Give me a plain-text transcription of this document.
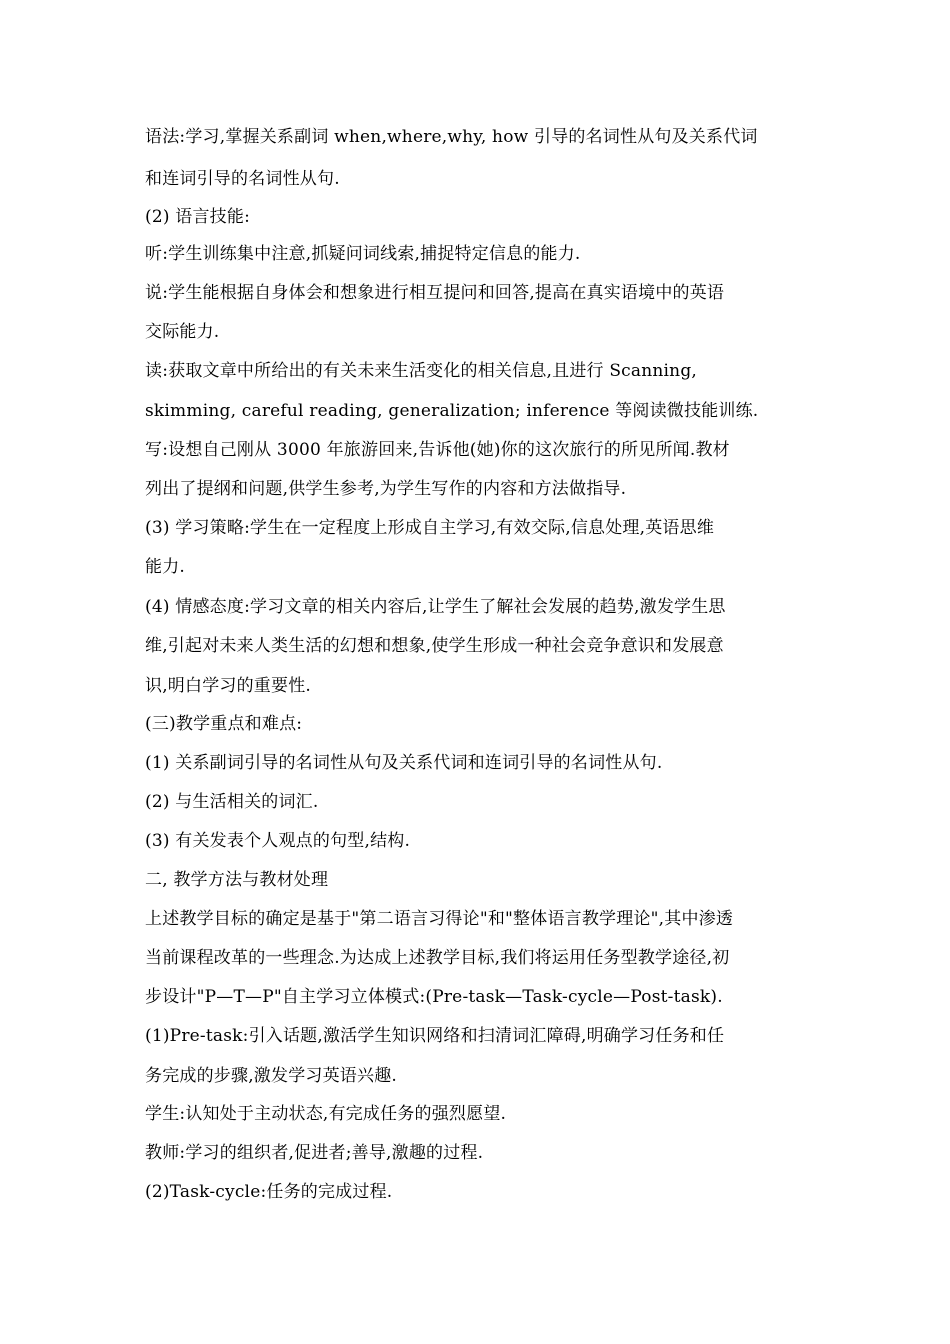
语法:学习,掌握关系副词 when,where,why, how 引导的名词性从句及关系代词
和连词引导的名词性从句.
(2) 语言技能:
听:学生训练集中注意,抓疑问词线索,捕捉特定信息的能力.
说:学生能根据自身体会和想象进行相互提问和回答,提高在真实语境中的英语
交际能力.
读:获取文章中所给出的有关未来生活变化的相关信息,且进行 Scanning,
skimming, careful reading, generalization; inference 等阅读微技能训练.
写:设想自己刚从 3000 年旅游回来,告诉他(她)你的这次旅行的所见所闻.教材
列出了提纲和问题,供学生参考,为学生写作的内容和方法做指导.
(3) 学习策略:学生在一定程度上形成自主学习,有效交际,信息处理,英语思维
能力.
(4) 情感态度:学习文章的相关内容后,让学生了解社会发展的趋势,激发学生思
维,引起对未来人类生活的幻想和想象,使学生形成一种社会竞争意识和发展意
识,明白学习的重要性.
(三)教学重点和难点:
(1) 关系副词引导的名词性从句及关系代词和连词引导的名词性从句.
(2) 与生活相关的词汇.
(3) 有关发表个人观点的句型,结构.
二, 教学方法与教材处理
上述教学目标的确定是基于"第二语言习得论"和"整体语言教学理论",其中渗透
当前课程改革的一些理念.为达成上述教学目标,我们将运用任务型教学途径,初
步设计"P—T—P"自主学习立体模式:(Pre-task—Task-cycle—Post-task).
(1)Pre-task:引入话题,激活学生知识网络和扫清词汇障碍,明确学习任务和任
务完成的步骤,激发学习英语兴趣.
学生:认知处于主动状态,有完成任务的强烈愿望.
教师:学习的组织者,促进者;善导,激趣的过程.
(2)Task-cycle:任务的完成过程.
